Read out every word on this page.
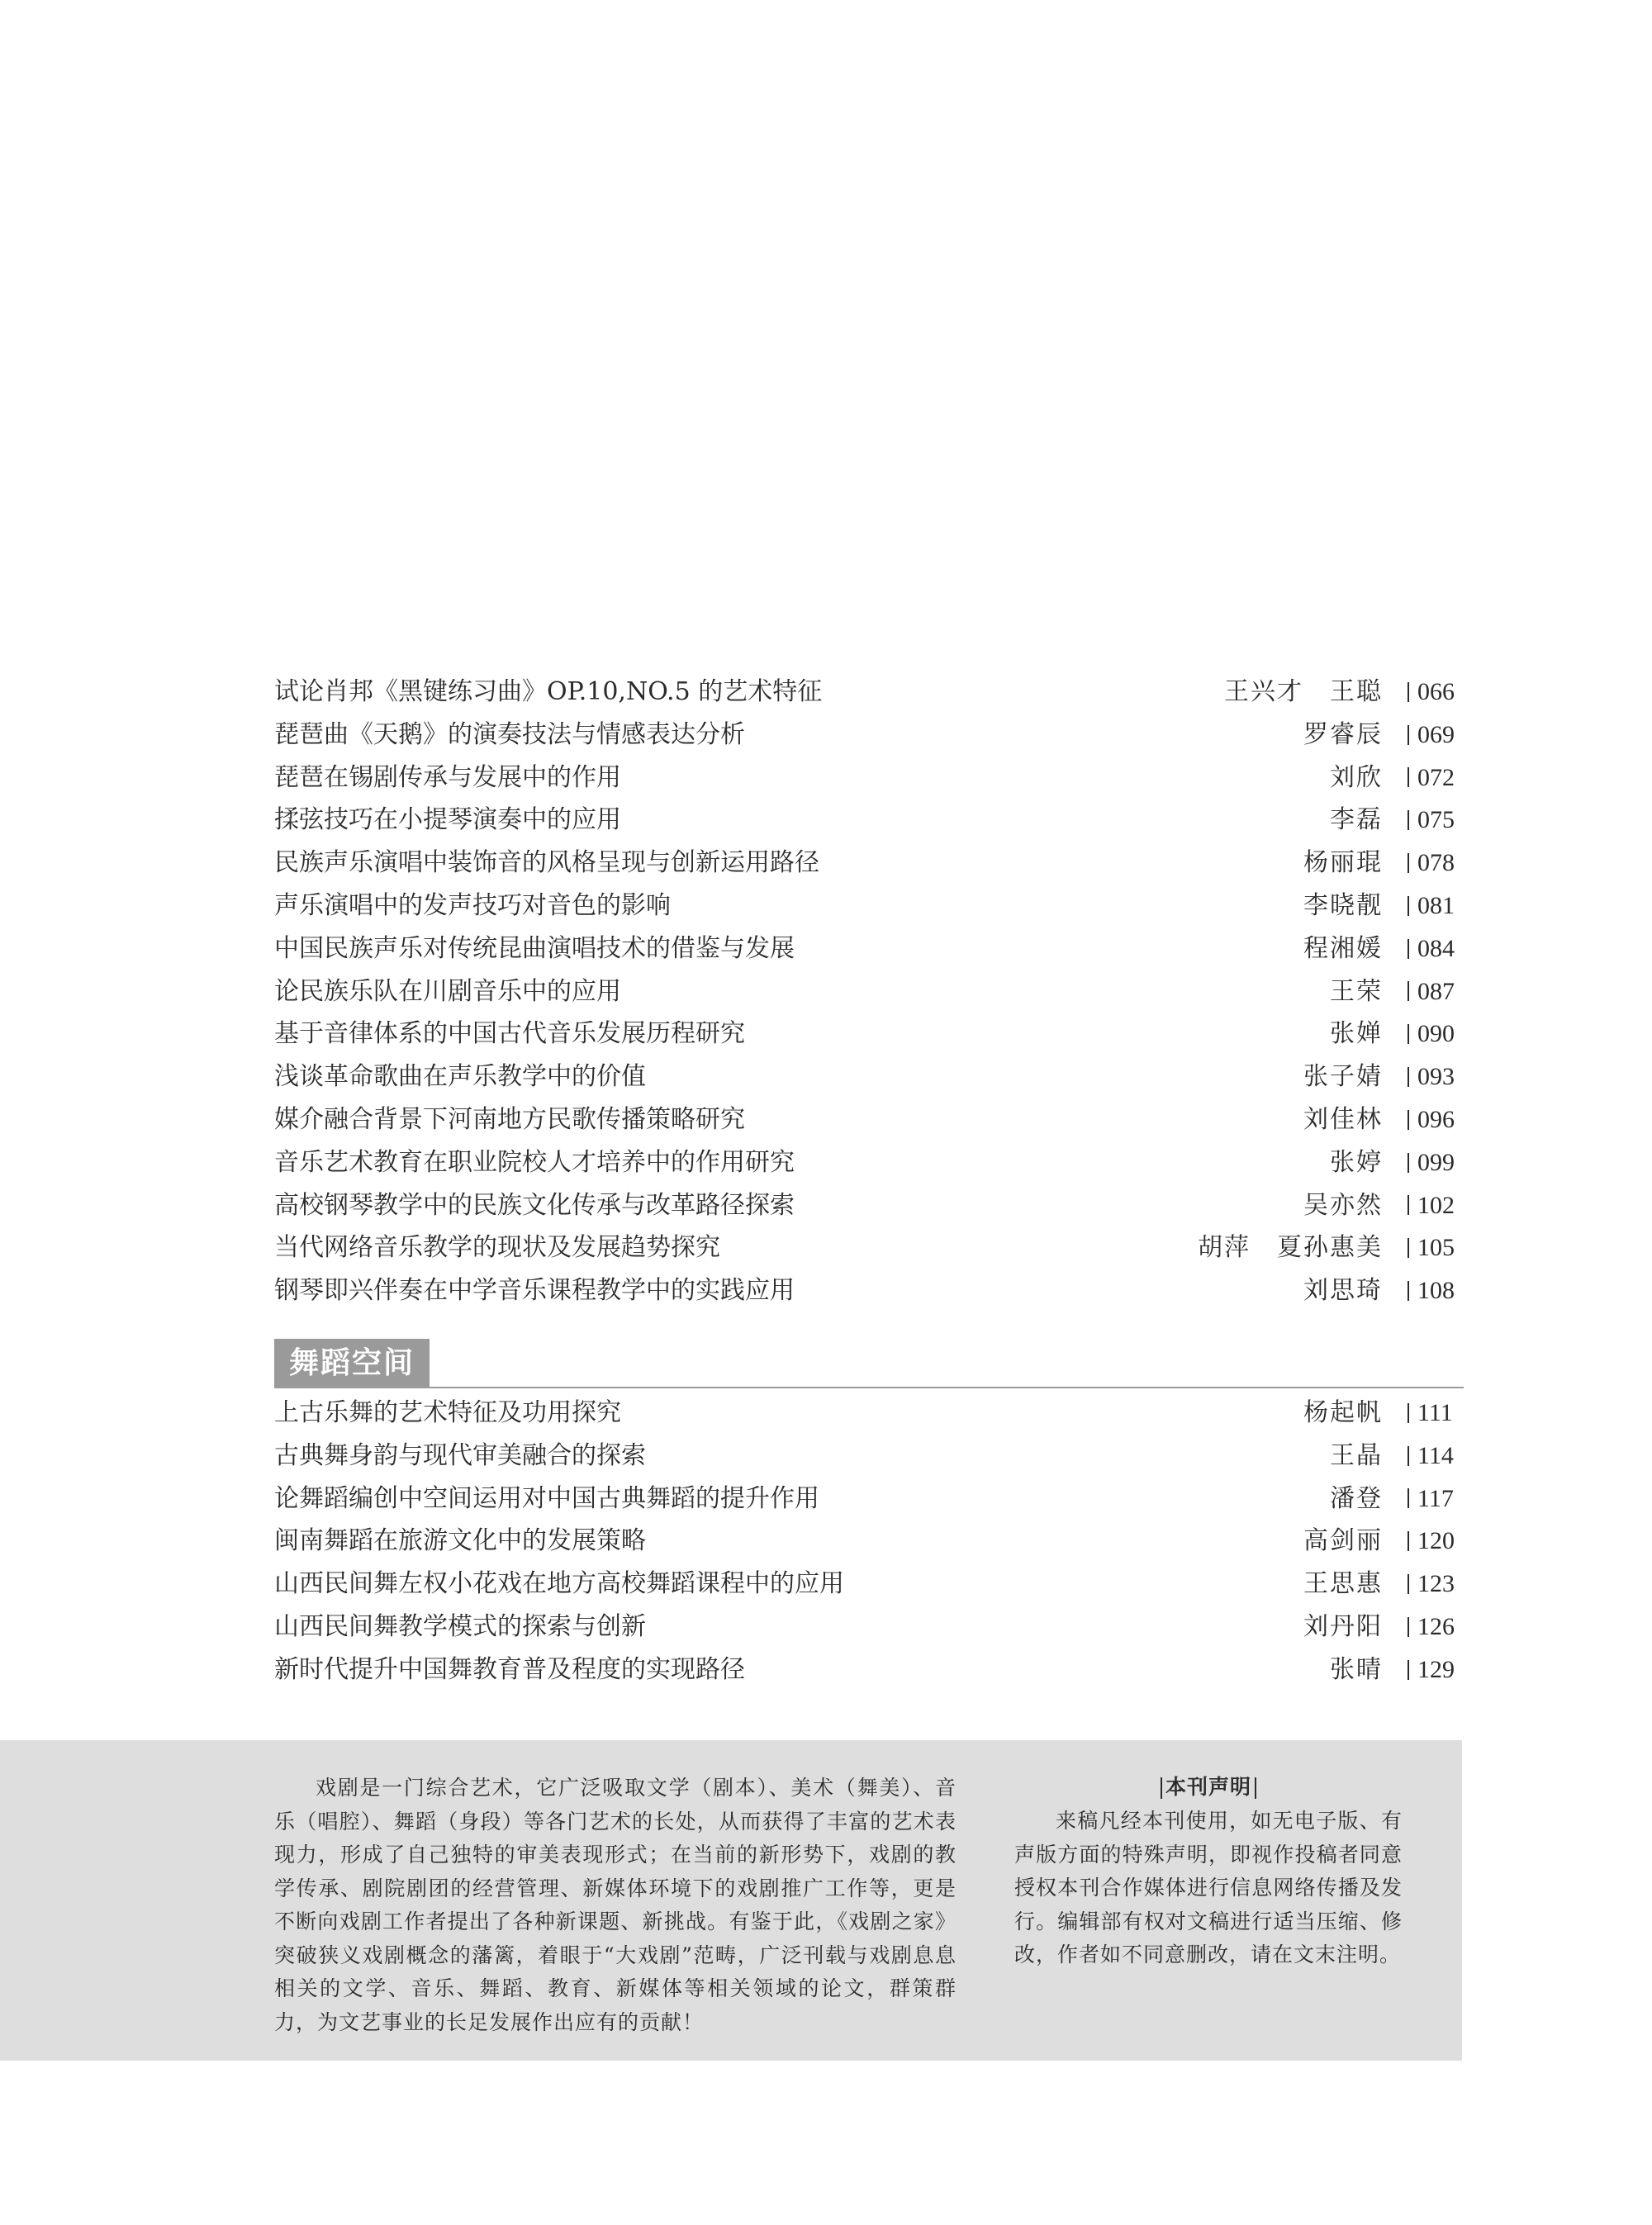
试论肖邦《黑键练习曲》OP.10,NO.5 的艺术特征	王兴才　王聪	066
琵琶曲《天鹅》的演奏技法与情感表达分析	罗睿辰	069
琵琶在锡剧传承与发展中的作用	刘欣	072
揉弦技巧在小提琴演奏中的应用	李磊	075
民族声乐演唱中装饰音的风格呈现与创新运用路径	杨丽琨	078
声乐演唱中的发声技巧对音色的影响	李晓靓	081
中国民族声乐对传统昆曲演唱技术的借鉴与发展	程湘媛	084
论民族乐队在川剧音乐中的应用	王荣	087
基于音律体系的中国古代音乐发展历程研究	张婵	090
浅谈革命歌曲在声乐教学中的价值	张子婧	093
媒介融合背景下河南地方民歌传播策略研究	刘佳林	096
音乐艺术教育在职业院校人才培养中的作用研究	张婷	099
高校钢琴教学中的民族文化传承与改革路径探索	吴亦然	102
当代网络音乐教学的现状及发展趋势探究	胡萍　夏孙惠美	105
钢琴即兴伴奏在中学音乐课程教学中的实践应用	刘思琦	108
舞蹈空间
上古乐舞的艺术特征及功用探究	杨起帆	111
古典舞身韵与现代审美融合的探索	王晶	114
论舞蹈编创中空间运用对中国古典舞蹈的提升作用	潘登	117
闽南舞蹈在旅游文化中的发展策略	高剑丽	120
山西民间舞左权小花戏在地方高校舞蹈课程中的应用	王思惠	123
山西民间舞教学模式的探索与创新	刘丹阳	126
新时代提升中国舞教育普及程度的实现路径	张晴	129
戏剧是一门综合艺术，它广泛吸取文学（剧本）、美术（舞美）、音乐（唱腔）、舞蹈（身段）等各门艺术的长处，从而获得了丰富的艺术表现力，形成了自己独特的审美表现形式；在当前的新形势下，戏剧的教学传承、剧院剧团的经营管理、新媒体环境下的戏剧推广工作等，更是不断向戏剧工作者提出了各种新课题、新挑战。有鉴于此，《戏剧之家》突破狭义戏剧概念的藩篱，着眼于“大戏剧”范畴，广泛刊载与戏剧息息相关的文学、音乐、舞蹈、教育、新媒体等相关领域的论文，群策群力，为文艺事业的长足发展作出应有的贡献！
本刊声明
来稿凡经本刊使用，如无电子版、有声版方面的特殊声明，即视作投稿者同意授权本刊合作媒体进行信息网络传播及发行。编辑部有权对文稿进行适当压缩、修改，作者如不同意删改，请在文末注明。
